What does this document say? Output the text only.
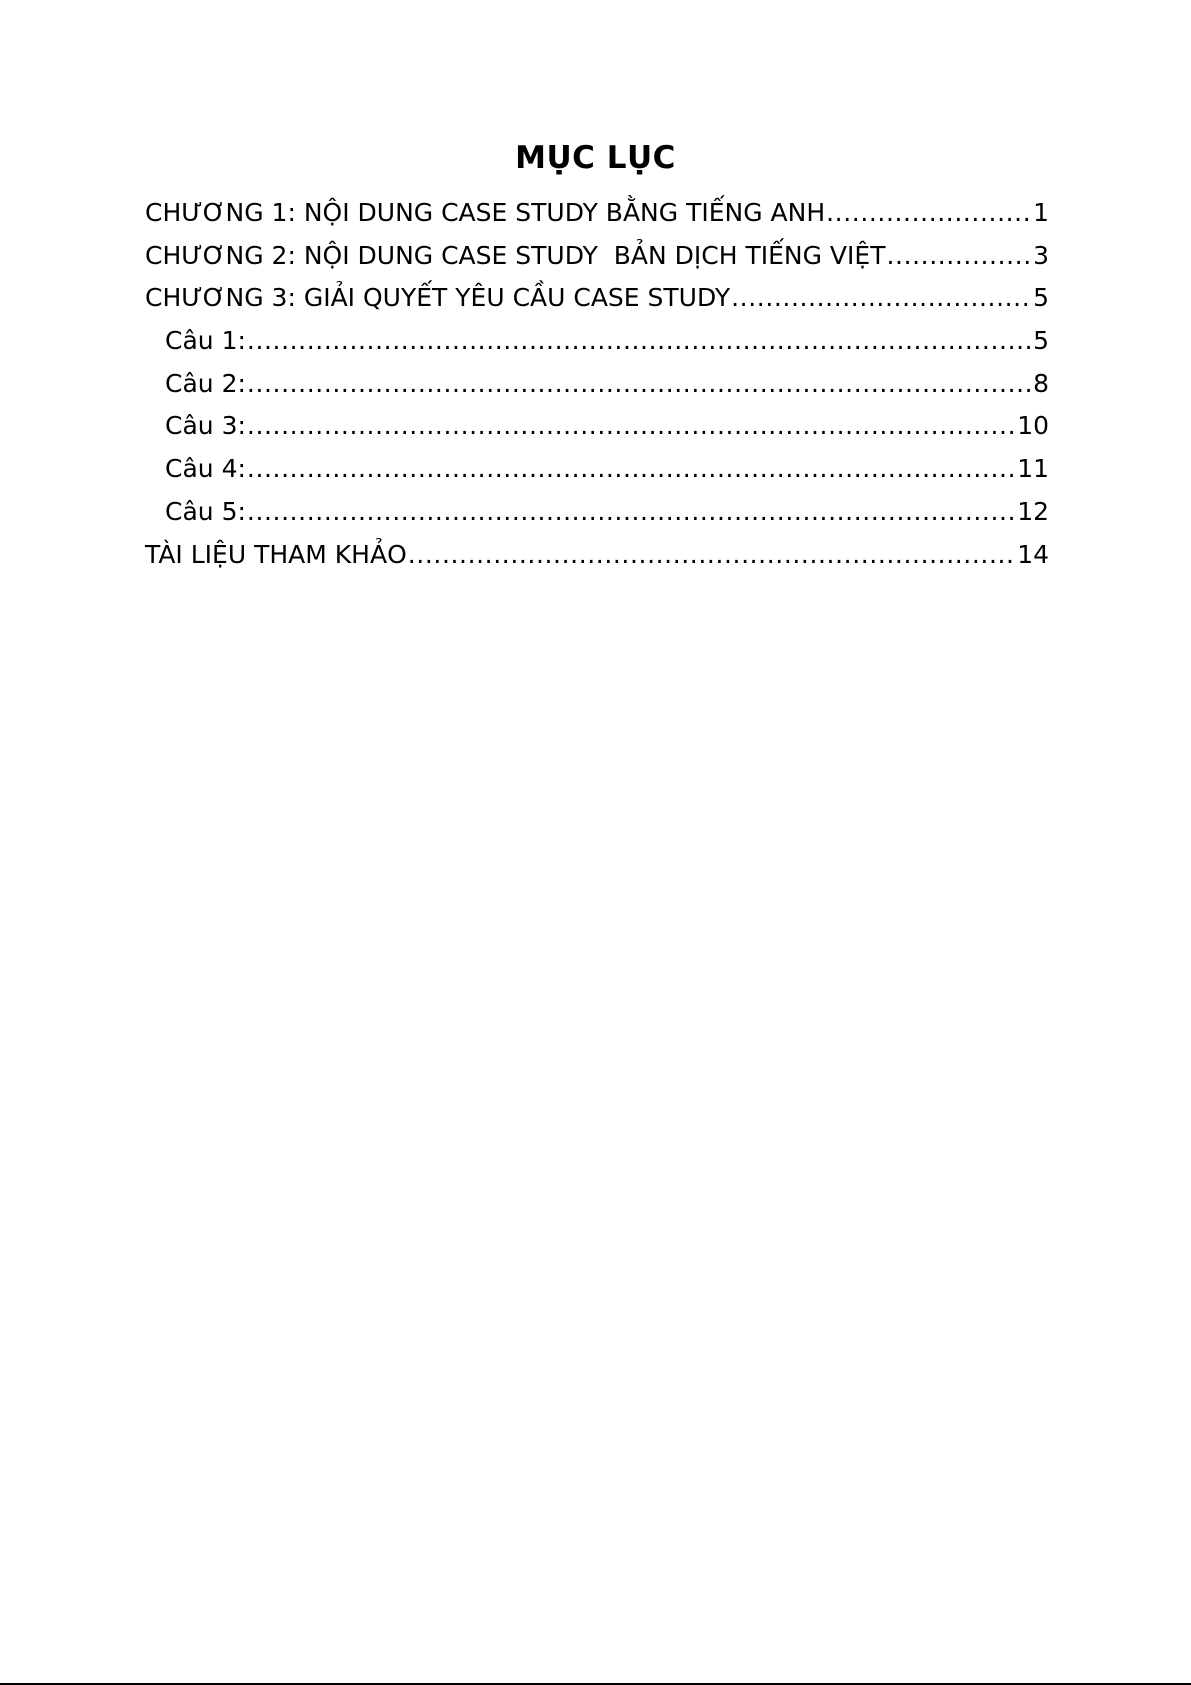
MỤC LỤC
CHƯƠNG 1: NỘI DUNG CASE STUDY BẰNG TIẾNG ANH .....	1
CHƯƠNG 2: NỘI DUNG CASE STUDY  BẢN DỊCH TIẾNG VIỆT .....	3
CHƯƠNG 3: GIẢI QUYẾT YÊU CẦU CASE STUDY .....	5
Câu 1: .....	5
Câu 2: .....	8
Câu 3: .....	10
Câu 4: .....	11
Câu 5: .....	12
TÀI LIỆU THAM KHẢO .....	14
